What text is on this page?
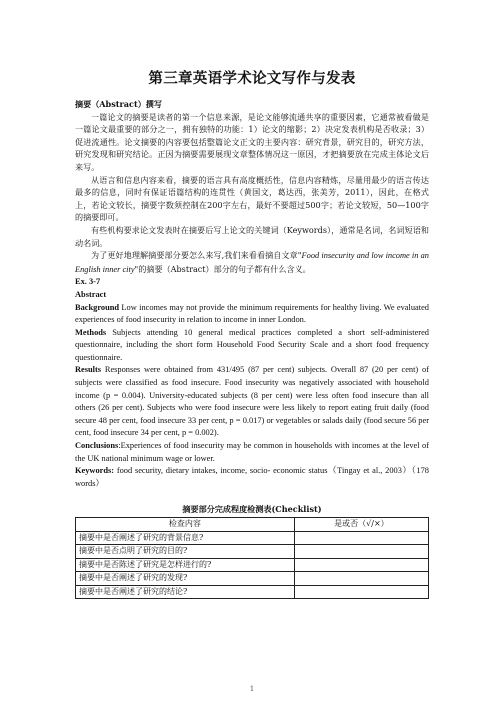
第三章英语学术论文写作与发表

摘要（Abstract）撰写

一篇论文的摘要是读者的第一个信息来源，是论文能够流通共享的重要因素，它通常被看做是一篇论文最重要的部分之一，拥有独特的功能：1）论文的缩影；2）决定发表机构是否收录；3）促进流通性。论文摘要的内容要包括整篇论文正文的主要内容：研究背景，研究目的，研究方法，研究发现和研究结论。正因为摘要需要展现文章整体情况这一原因，才把摘要放在完成主体论文后来写。

从语言和信息内容来看，摘要的语言具有高度概括性，信息内容精炼，尽量用最少的语言传达最多的信息，同时有保证语篇结构的连贯性（黄国文，葛达西，张美芳，2011），因此，在格式上，若论文较长，摘要字数须控制在200字左右，最好不要超过500字；若论文较短，50—100字的摘要即可。

有些机构要求论文发表时在摘要后写上论文的关键词（Keywords），通常是名词，名词短语和动名词。

为了更好地理解摘要部分要怎么来写,我们来看看摘自文章"Food insecurity and low income in an English inner city"的摘要（Abstract）部分的句子都有什么含义。

Ex. 3-7

Abstract

Background Low incomes may not provide the minimum requirements for healthy living. We evaluated experiences of food insecurity in relation to income in inner London.

Methods Subjects attending 10 general medical practices completed a short self-administered questionnaire, including the short form Household Food Security Scale and a short food frequency questionnaire.

Results Responses were obtained from 431/495 (87 per cent) subjects. Overall 87 (20 per cent) of subjects were classified as food insecure. Food insecurity was negatively associated with household income (p = 0.004). University-educated subjects (8 per cent) were less often food insecure than all others (26 per cent). Subjects who were food insecure were less likely to report eating fruit daily (food secure 48 per cent, food insecure 33 per cent, p = 0.017) or vegetables or salads daily (food secure 56 per cent, food insecure 34 per cent, p = 0.002).

Conclusions:Experiences of food insecurity may be common in households with incomes at the level of the UK national minimum wage or lower.

Keywords: food security, dietary intakes, income, socio- economic status（Tingay et al., 2003）（178 words）

摘要部分完成程度检测表(Checklist)

检查内容	是或否（√/×）
摘要中是否阐述了研究的背景信息?	
摘要中是否点明了研究的目的?	
摘要中是否陈述了研究是怎样进行的?	
摘要中是否阐述了研究的发现?	
摘要中是否阐述了研究的结论?	
1
